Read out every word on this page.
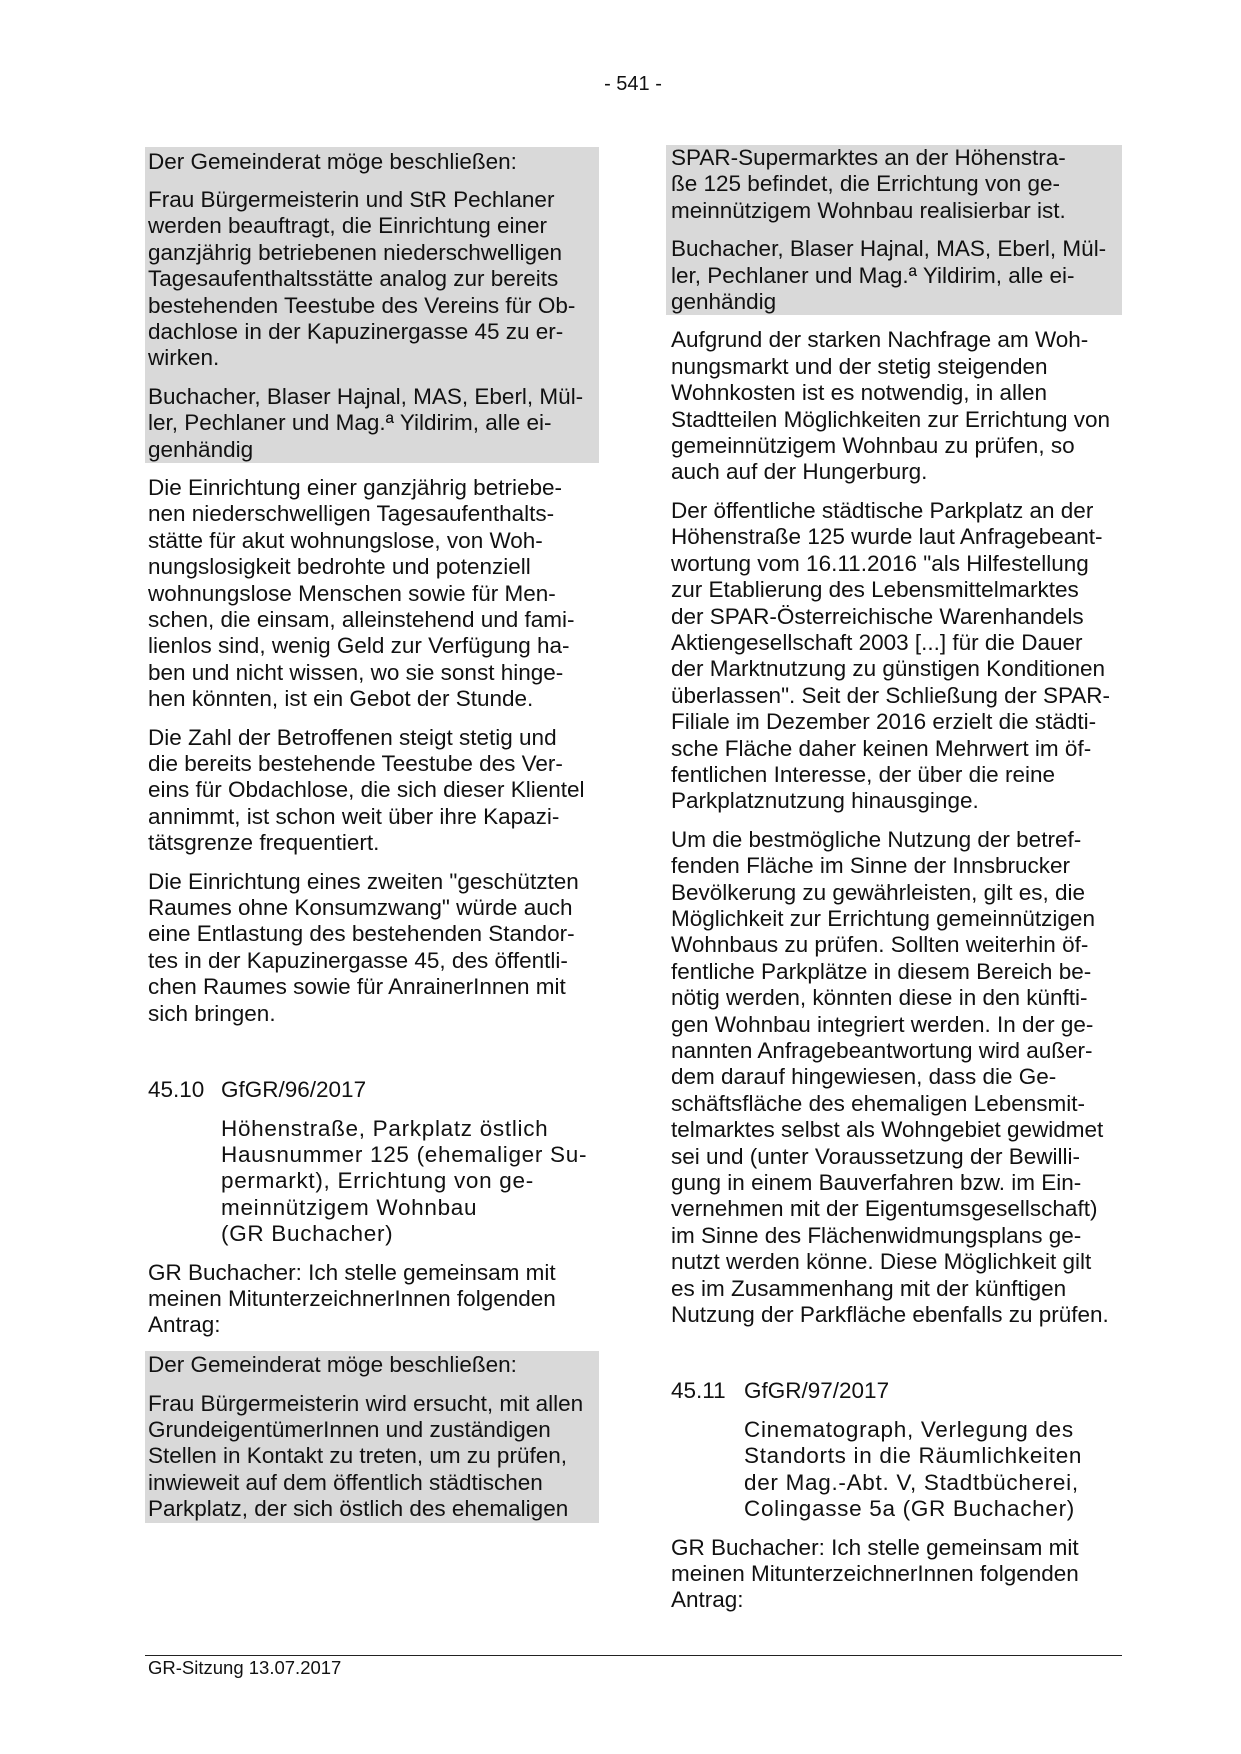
- 541 -
Der Gemeinderat möge beschließen:
Frau Bürgermeisterin und StR Pechlaner
werden beauftragt, die Einrichtung einer
ganzjährig betriebenen niederschwelligen
Tagesaufenthaltsstätte analog zur bereits
bestehenden Teestube des Vereins für Ob-
dachlose in der Kapuzinergasse 45 zu er-
wirken.
Buchacher, Blaser Hajnal, MAS, Eberl, Mül-
ler, Pechlaner und Mag.ª Yildirim, alle ei-
genhändig
Die Einrichtung einer ganzjährig betriebe-
nen niederschwelligen Tagesaufenthalts-
stätte für akut wohnungslose, von Woh-
nungslosigkeit bedrohte und potenziell
wohnungslose Menschen sowie für Men-
schen, die einsam, alleinstehend und fami-
lienlos sind, wenig Geld zur Verfügung ha-
ben und nicht wissen, wo sie sonst hinge-
hen könnten, ist ein Gebot der Stunde.
Die Zahl der Betroffenen steigt stetig und
die bereits bestehende Teestube des Ver-
eins für Obdachlose, die sich dieser Klientel
annimmt, ist schon weit über ihre Kapazi-
tätsgrenze frequentiert.
Die Einrichtung eines zweiten "geschützten
Raumes ohne Konsumzwang" würde auch
eine Entlastung des bestehenden Standor-
tes in der Kapuzinergasse 45, des öffentli-
chen Raumes sowie für AnrainerInnen mit
sich bringen.
45.10 GfGR/96/2017
Höhenstraße, Parkplatz östlich
Hausnummer 125 (ehemaliger Su-
permarkt), Errichtung von ge-
meinnützigem Wohnbau
(GR Buchacher)
GR Buchacher: Ich stelle gemeinsam mit
meinen MitunterzeichnerInnen folgenden
Antrag:
Der Gemeinderat möge beschließen:
Frau Bürgermeisterin wird ersucht, mit allen
GrundeigentümerInnen und zuständigen
Stellen in Kontakt zu treten, um zu prüfen,
inwieweit auf dem öffentlich städtischen
Parkplatz, der sich östlich des ehemaligen
SPAR-Supermarktes an der Höhenstra-
ße 125 befindet, die Errichtung von ge-
meinnützigem Wohnbau realisierbar ist.
Buchacher, Blaser Hajnal, MAS, Eberl, Mül-
ler, Pechlaner und Mag.ª Yildirim, alle ei-
genhändig
Aufgrund der starken Nachfrage am Woh-
nungsmarkt und der stetig steigenden
Wohnkosten ist es notwendig, in allen
Stadtteilen Möglichkeiten zur Errichtung von
gemeinnützigem Wohnbau zu prüfen, so
auch auf der Hungerburg.
Der öffentliche städtische Parkplatz an der
Höhenstraße 125 wurde laut Anfragebeant-
wortung vom 16.11.2016 "als Hilfestellung
zur Etablierung des Lebensmittelmarktes
der SPAR-Österreichische Warenhandels
Aktiengesellschaft 2003 [...] für die Dauer
der Marktnutzung zu günstigen Konditionen
überlassen". Seit der Schließung der SPAR-
Filiale im Dezember 2016 erzielt die städti-
sche Fläche daher keinen Mehrwert im öf-
fentlichen Interesse, der über die reine
Parkplatznutzung hinausginge.
Um die bestmögliche Nutzung der betref-
fenden Fläche im Sinne der Innsbrucker
Bevölkerung zu gewährleisten, gilt es, die
Möglichkeit zur Errichtung gemeinnützigen
Wohnbaus zu prüfen. Sollten weiterhin öf-
fentliche Parkplätze in diesem Bereich be-
nötig werden, könnten diese in den künfti-
gen Wohnbau integriert werden. In der ge-
nannten Anfragebeantwortung wird außer-
dem darauf hingewiesen, dass die Ge-
schäftsfläche des ehemaligen Lebensmit-
telmarktes selbst als Wohngebiet gewidmet
sei und (unter Voraussetzung der Bewilli-
gung in einem Bauverfahren bzw. im Ein-
vernehmen mit der Eigentumsgesellschaft)
im Sinne des Flächenwidmungsplans ge-
nutzt werden könne. Diese Möglichkeit gilt
es im Zusammenhang mit der künftigen
Nutzung der Parkfläche ebenfalls zu prüfen.
45.11 GfGR/97/2017
Cinematograph, Verlegung des
Standorts in die Räumlichkeiten
der Mag.-Abt. V, Stadtbücherei,
Colingasse 5a (GR Buchacher)
GR Buchacher: Ich stelle gemeinsam mit
meinen MitunterzeichnerInnen folgenden
Antrag:
GR-Sitzung 13.07.2017
